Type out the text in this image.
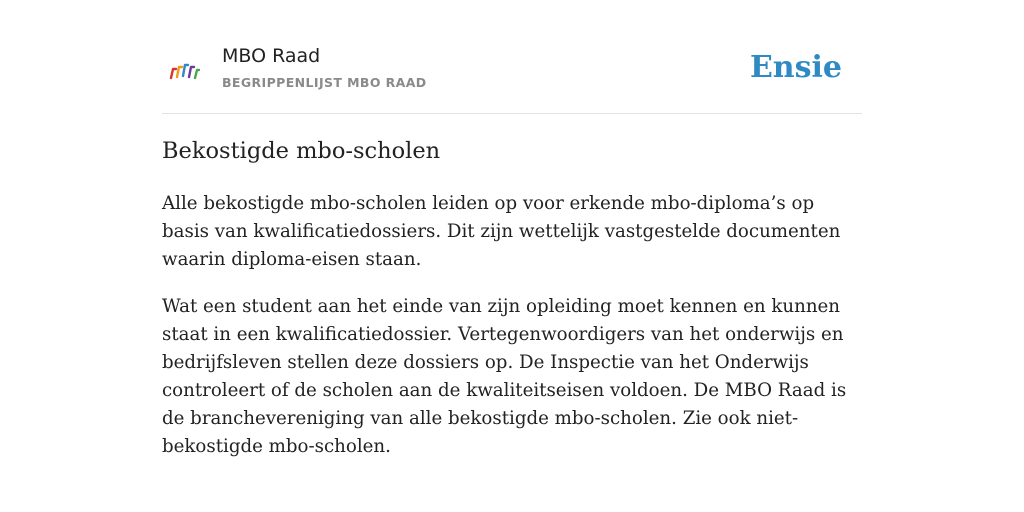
MBO Raad
BEGRIPPENLIJST MBO RAAD	Ensie
Bekostigde mbo-scholen

Alle bekostigde mbo-scholen leiden op voor erkende mbo-diploma’s op basis van kwalificatiedossiers. Dit zijn wettelijk vastgestelde documenten waarin diploma-eisen staan.

Wat een student aan het einde van zijn opleiding moet kennen en kunnen staat in een kwalificatiedossier. Vertegenwoordigers van het onderwijs en bedrijfsleven stellen deze dossiers op. De Inspectie van het Onderwijs controleert of de scholen aan de kwaliteitseisen voldoen. De MBO Raad is de branchevereniging van alle bekostigde mbo-scholen. Zie ook niet-bekostigde mbo-scholen.
